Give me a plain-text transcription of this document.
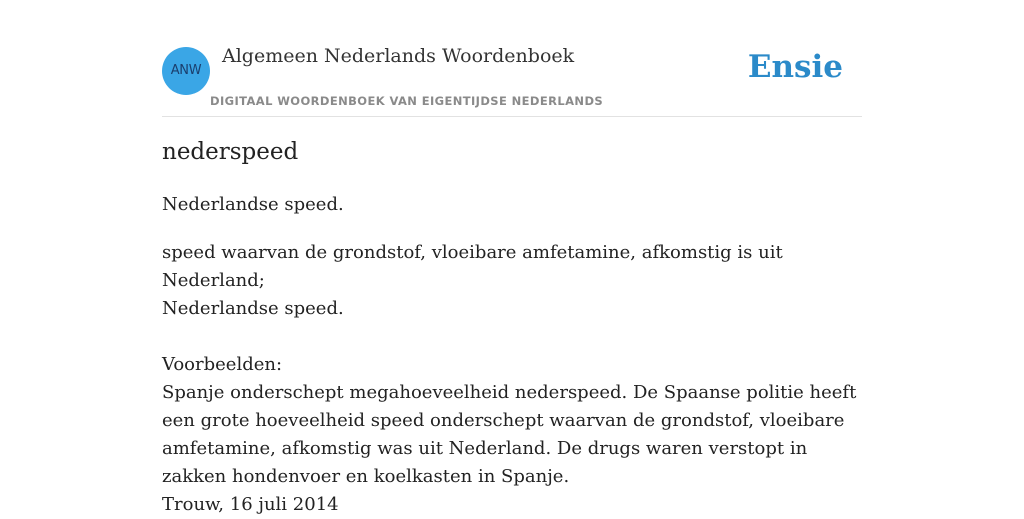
ANW
Algemeen Nederlands Woordenboek
DIGITAAL WOORDENBOEK VAN EIGENTIJDSE NEDERLANDS
Ensie
nederspeed

Nederlandse speed.

speed waarvan de grondstof, vloeibare amfetamine, afkomstig is uit Nederland;

Nederlandse speed.

Voorbeelden:

Spanje onderschept megahoeveelheid nederspeed. De Spaanse politie heeft een grote hoeveelheid speed onderschept waarvan de grondstof, vloeibare amfetamine, afkomstig was uit Nederland. De drugs waren verstopt in zakken hondenvoer en koelkasten in Spanje.

Trouw, 16 juli 2014
